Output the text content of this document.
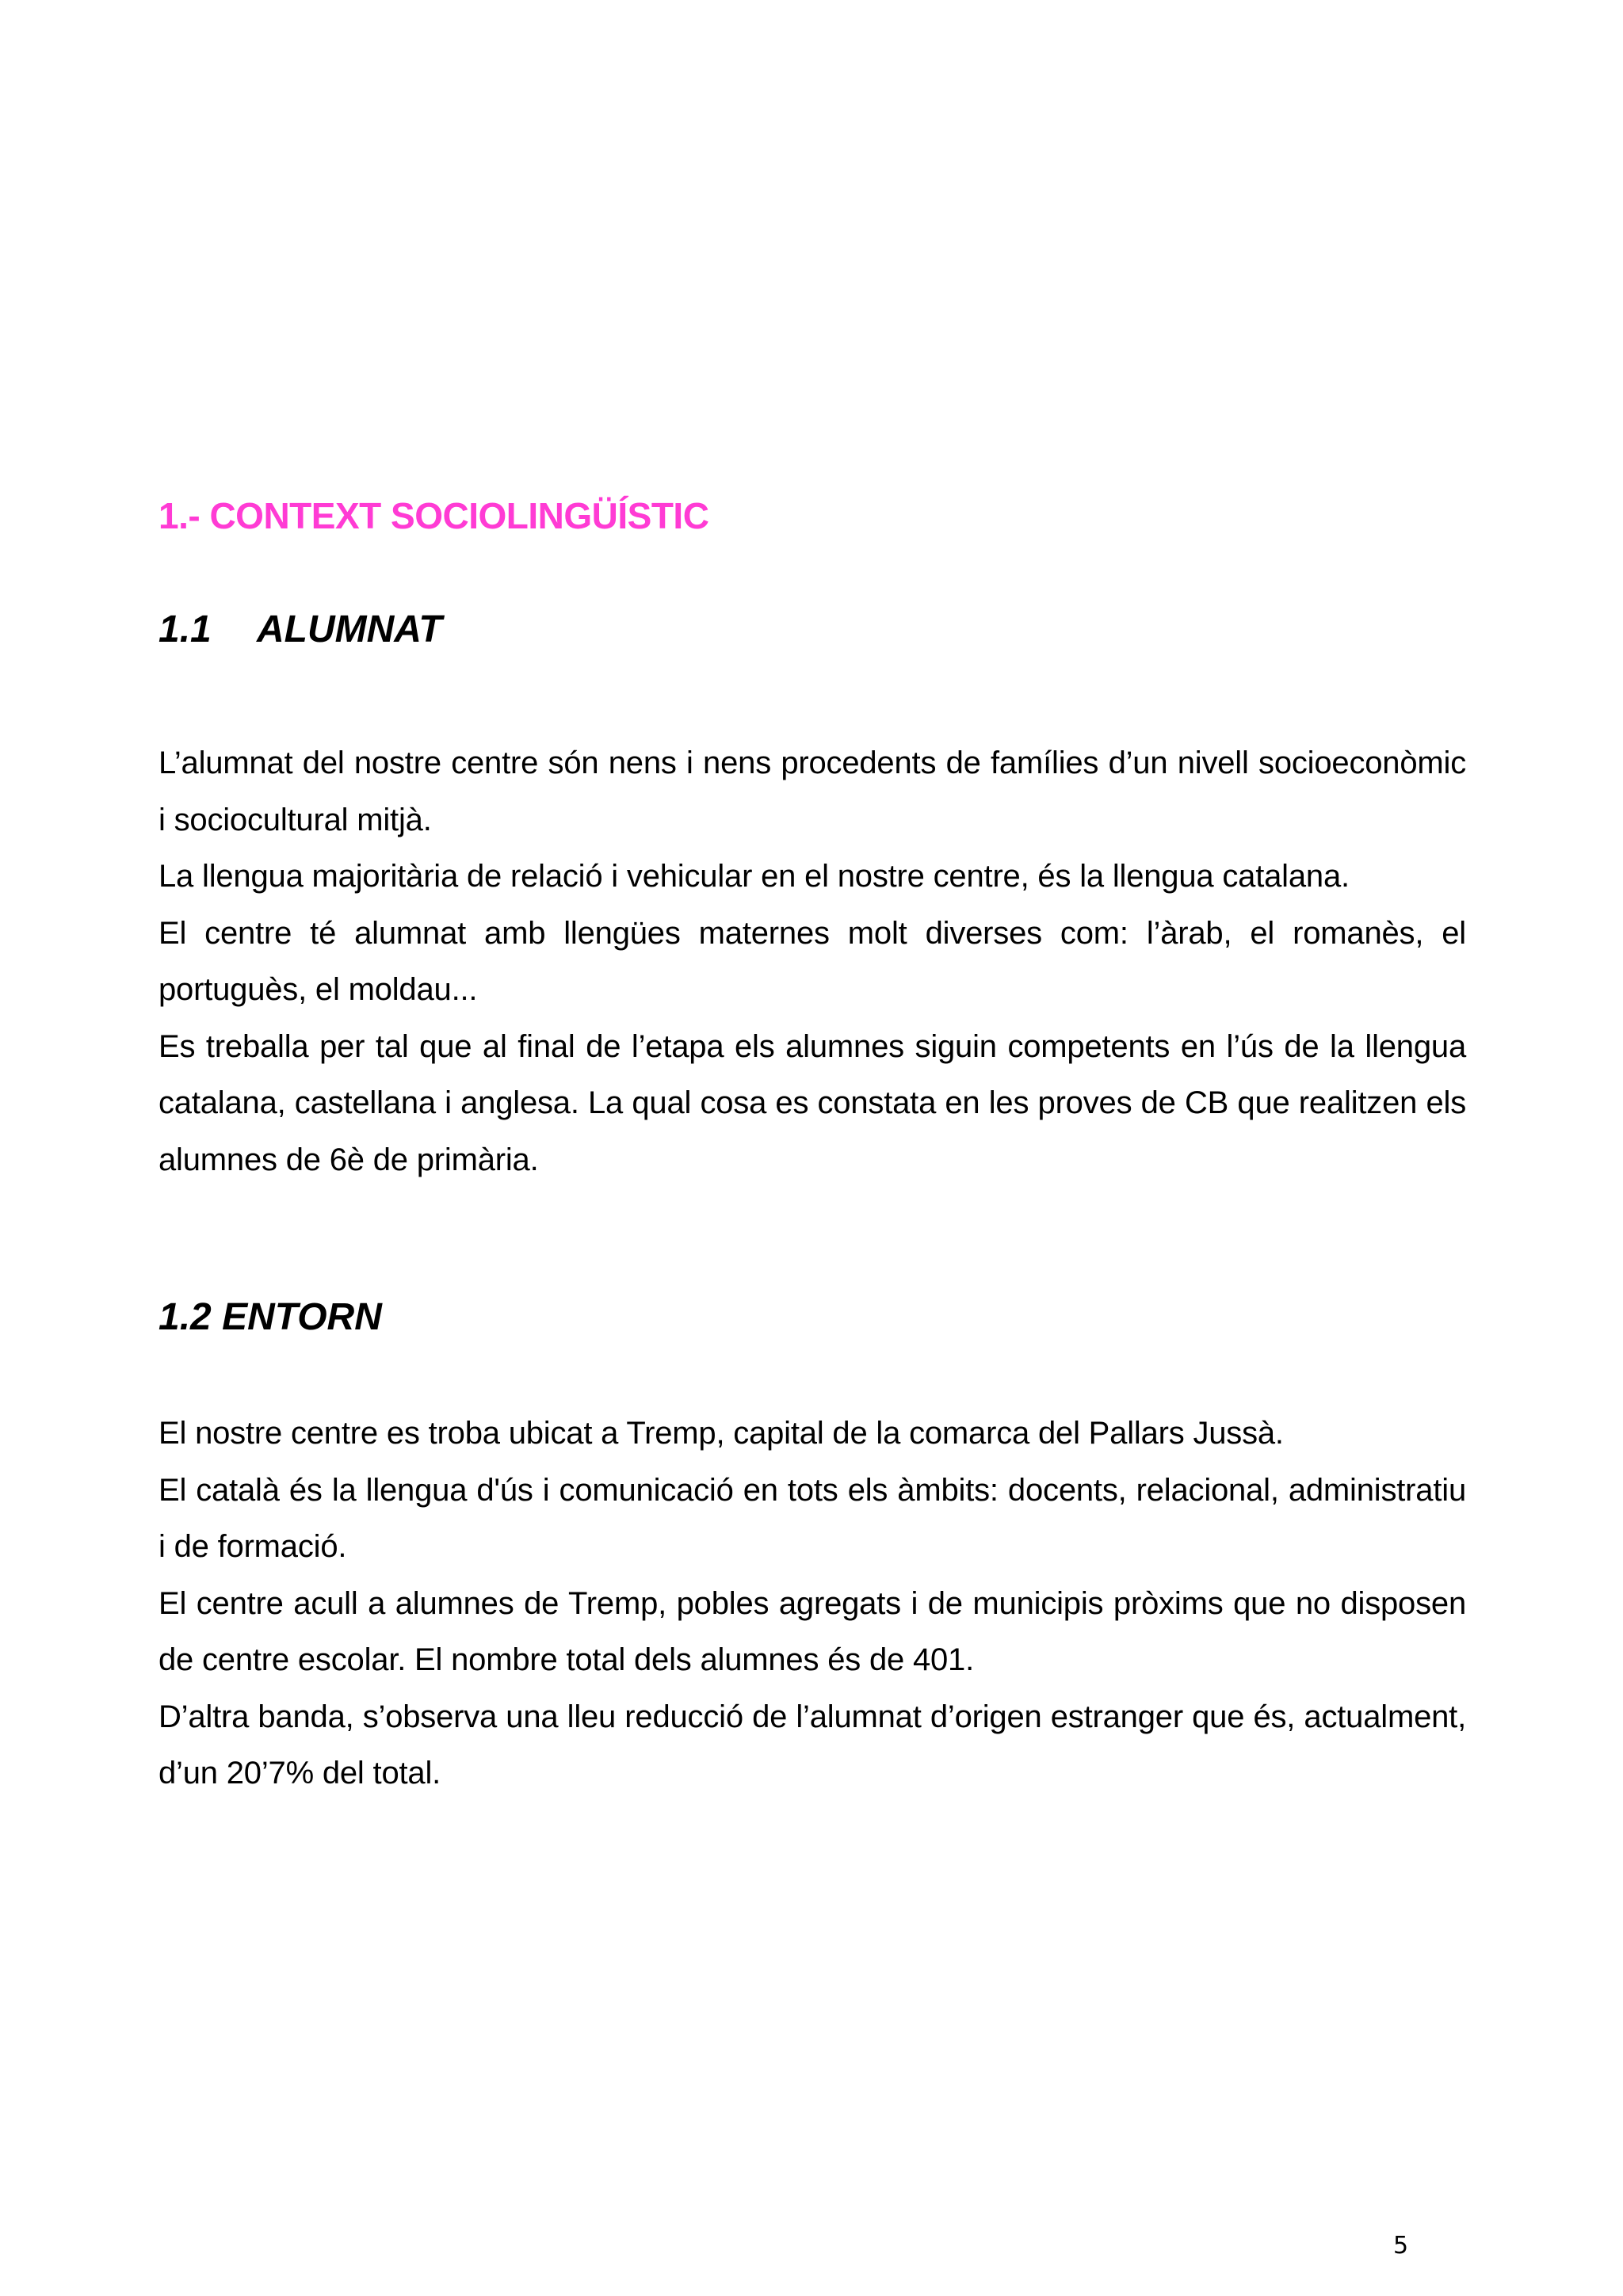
1.- CONTEXT SOCIOLINGÜÍSTIC
1.1 ALUMNAT

L’alumnat del nostre centre són nens i nens procedents de famílies d’un nivell socioeconòmic i sociocultural mitjà.

La llengua majoritària de relació i vehicular en el nostre centre, és la llengua catalana.

El centre té alumnat amb llengües maternes molt diverses com: l’àrab, el romanès, el portuguès, el moldau...

Es treballa per tal que al final de l’etapa els alumnes siguin competents en l’ús de la llengua catalana, castellana i anglesa. La qual cosa es constata en les proves de CB que realitzen els alumnes de 6è de primària.

1.2 ENTORN

El nostre centre es troba ubicat a Tremp, capital de la comarca del Pallars Jussà.

El català és la llengua d'ús i comunicació en tots els àmbits: docents, relacional, administratiu i de formació.

El centre acull a alumnes de Tremp, pobles agregats i de municipis pròxims que no disposen de centre escolar. El nombre total dels alumnes és de 401.

D’altra banda, s’observa una lleu reducció de l’alumnat d’origen estranger que és, actualment, d’un 20’7% del total.

5
